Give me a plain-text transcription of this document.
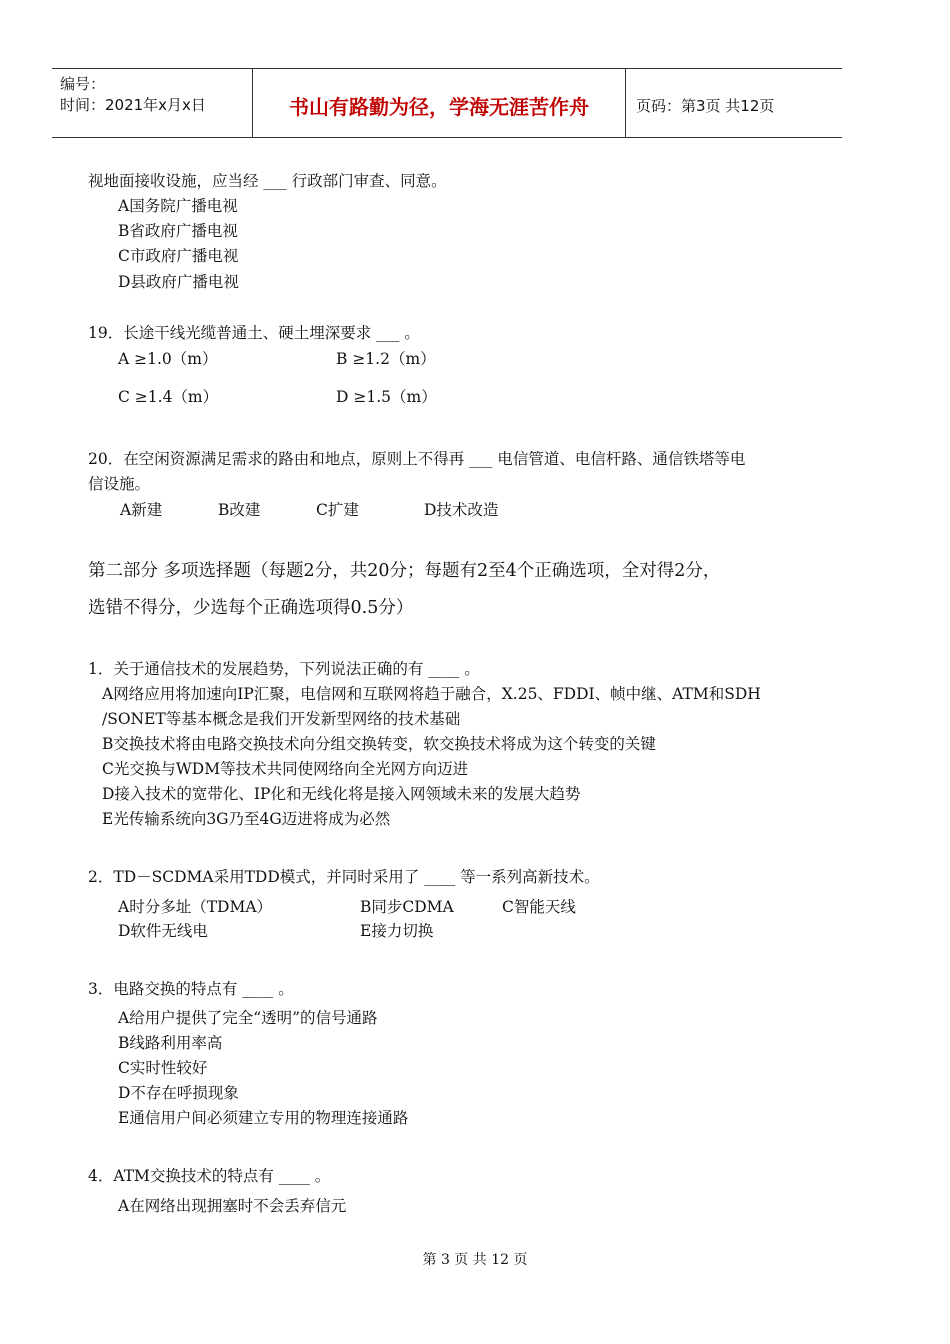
编号：
时间：2021年x月x日	书山有路勤为径，学海无涯苦作舟	页码：第3页 共12页
视地面接收设施，应当经 ___ 行政部门审查、同意。
A国务院广播电视
B省政府广播电视
C市政府广播电视
D县政府广播电视
19．长途干线光缆普通土、硬土埋深要求 ___ 。
A ≥1.0（m）	B ≥1.2（m）
C ≥1.4（m）	D ≥1.5（m）
20．在空闲资源满足需求的路由和地点，原则上不得再 ___ 电信管道、电信杆路、通信铁塔等电
信设施。
A新建	B改建	C扩建	D技术改造
第二部分 多项选择题（每题2分，共20分；每题有2至4个正确选项，全对得2分，
选错不得分，少选每个正确选项得0.5分）
1．关于通信技术的发展趋势，下列说法正确的有 ____ 。
A网络应用将加速向IP汇聚，电信网和互联网将趋于融合，X.25、FDDI、帧中继、ATM和SDH
/SONET等基本概念是我们开发新型网络的技术基础
B交换技术将由电路交换技术向分组交换转变，软交换技术将成为这个转变的关键
C光交换与WDM等技术共同使网络向全光网方向迈进
D接入技术的宽带化、IP化和无线化将是接入网领域未来的发展大趋势
E光传输系统向3G乃至4G迈进将成为必然
2．TD－SCDMA采用TDD模式，并同时采用了 ____ 等一系列高新技术。
A时分多址（TDMA）	B同步CDMA	C智能天线
D软件无线电	E接力切换
3．电路交换的特点有 ____ 。
A给用户提供了完全“透明”的信号通路
B线路利用率高
C实时性较好
D不存在呼损现象
E通信用户间必须建立专用的物理连接通路
4．ATM交换技术的特点有 ____ 。
A在网络出现拥塞时不会丢弃信元
第 3 页 共 12 页
